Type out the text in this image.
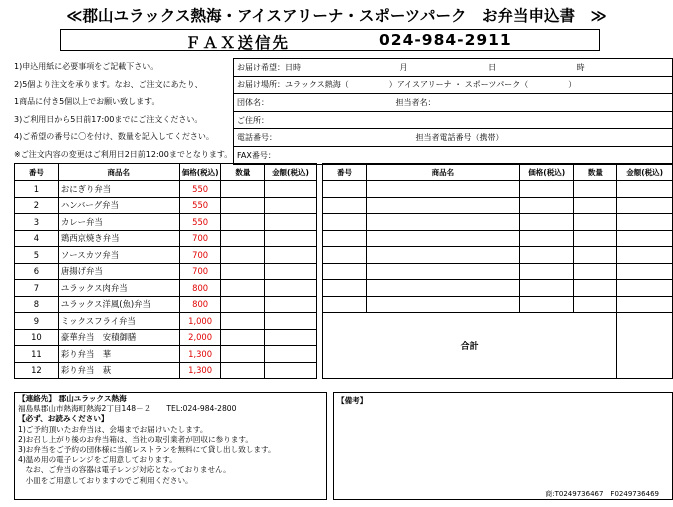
≪郡山ユラックス熱海・アイスアリーナ・スポーツパーク　お弁当申込書　≫
ＦＡＸ送信先	024-984-2911
1)申込用紙に必要事項をご記載下さい。
2)5個より注文を承ります。なお、ご注文にあたり、
1商品に付き5個以上でお願い致します。
3)ご利用日から5日前17:00までにご注文ください。
4)ご希望の番号に〇を付け、数量を記入してください。
※ご注文内容の変更はご利用日2日前12:00までとなります。
お届け希望：日時	月	日	時
お届け場所：ユラックス熱海（　　　　　）アイスアリーナ ・ スポーツパーク（　　　　　）
団体名：	担当者名：
ご住所：
電話番号：	担当者電話番号（携帯）
FAX番号：
番号	商品名	価格(税込)	数量	金額(税込)		番号	商品名	価格(税込)	数量	金額(税込)
1	おにぎり弁当	550								
2	ハンバーグ弁当	550								
3	カレー弁当	550								
4	鶏西京焼き弁当	700								
5	ソースカツ弁当	700								
6	唐揚げ弁当	700								
7	ユラックス肉弁当	800								
8	ユラックス洋風(魚)弁当	800								
9	ミックスフライ弁当	1,000				合計				
10	豪華弁当　安積御膳	2,000								
11	彩り弁当　華	1,300								
12	彩り弁当　萩	1,300								
【連絡先】 郡山ユラックス熱海
福島県郡山市熱海町熱海2丁目148－２　　TEL:024-984-2800
【必ず、お読みください】
1)ご予約頂いたお弁当は、会場までお届けいたします。
2)お召し上がり後のお弁当箱は、当社の取引業者が回収に参ります。
3)お弁当をご予約の団体様に当館レストランを無料にて貸し出し致します。
4)温め用の電子レンジをご用意しております。
　なお、ご弁当の容器は電子レンジ対応となっておりません。
　小皿をご用意しておりますのでご利用ください。
【備考】
商:T0249736467　F0249736469
